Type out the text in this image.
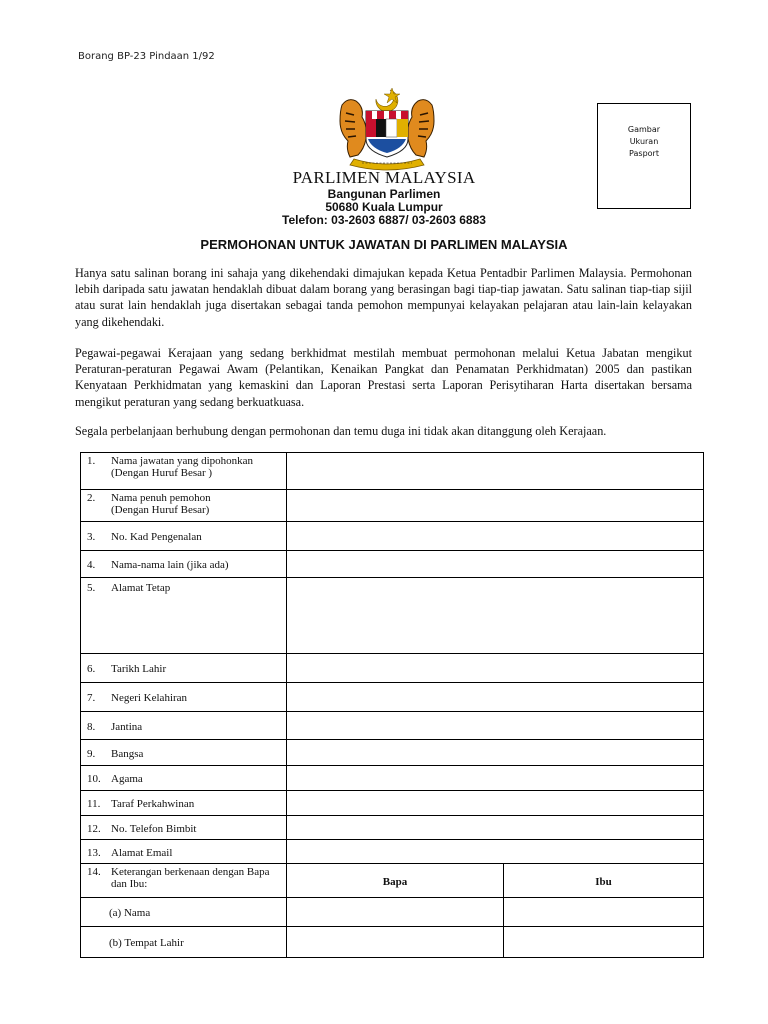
Borang BP-23 Pindaan 1/92
Gambar
Ukuran
Pasport
PARLIMEN MALAYSIA
Bangunan Parlimen
50680 Kuala Lumpur
Telefon: 03-2603 6887/ 03-2603 6883
PERMOHONAN UNTUK JAWATAN DI PARLIMEN MALAYSIA

Hanya satu salinan borang ini sahaja yang dikehendaki dimajukan kepada Ketua Pentadbir Parlimen Malaysia. Permohonan lebih daripada satu jawatan hendaklah dibuat dalam borang yang berasingan bagi tiap-tiap jawatan. Satu salinan tiap-tiap sijil atau surat lain hendaklah juga disertakan sebagai tanda pemohon mempunyai kelayakan pelajaran atau lain-lain kelayakan yang dikehendaki.

Pegawai-pegawai Kerajaan yang sedang berkhidmat mestilah membuat permohonan melalui Ketua Jabatan mengikut Peraturan-peraturan Pegawai Awam (Pelantikan, Kenaikan Pangkat dan Penamatan Perkhidmatan) 2005 dan pastikan Kenyataan Perkhidmatan yang kemaskini dan Laporan Prestasi serta Laporan Perisytiharan Harta disertakan bersama mengikut peraturan yang sedang berkuatkuasa.

Segala perbelanjaan berhubung dengan permohonan dan temu duga ini tidak akan ditanggung oleh Kerajaan.

1. Nama jawatan yang dipohonkan
(Dengan Huruf Besar )		

2. Nama penuh pemohon
(Dengan Huruf Besar)		

3. No. Kad Pengenalan		

4. Nama-nama lain (jika ada)		

5. Alamat Tetap		

6. Tarikh Lahir		

7. Negeri Kelahiran		

8. Jantina		

9. Bangsa		

10. Agama		

11. Taraf Perkahwinan		

12. No. Telefon Bimbit		

13. Alamat Email		

14. Keterangan berkenaan dengan Bapa dan Ibu:	Bapa	Ibu
(a) Nama		
(b) Tempat Lahir		
